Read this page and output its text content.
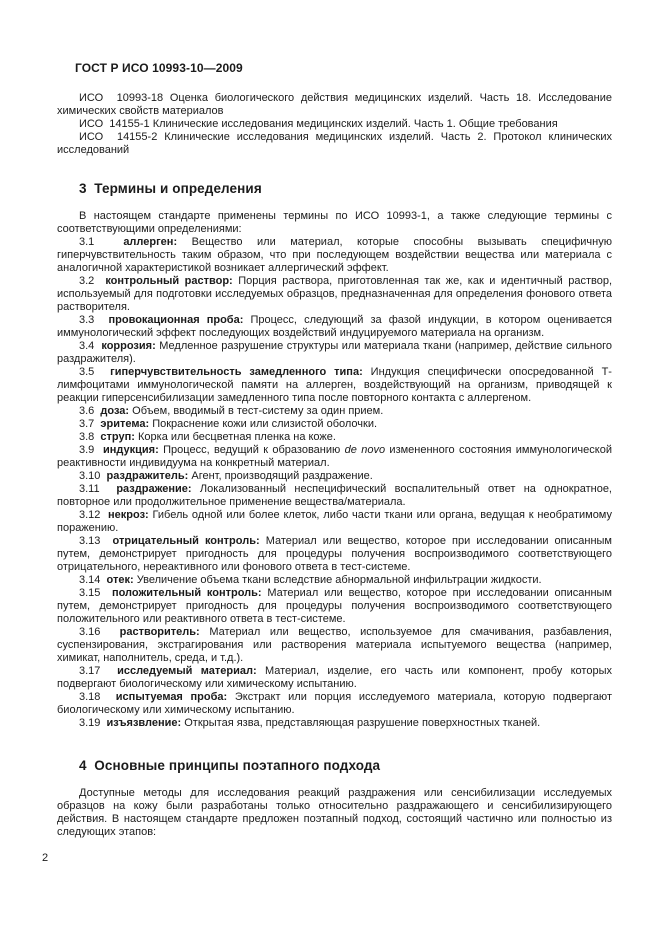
ГОСТ Р ИСО 10993-10—2009

ИСО  10993-18 Оценка биологического действия медицинских изделий. Часть 18. Исследование химических свойств материалов

ИСО  14155-1 Клинические исследования медицинских изделий. Часть 1. Общие требования

ИСО  14155-2 Клинические исследования медицинских изделий. Часть 2. Протокол клинических исследований

3  Термины и определения

В настоящем стандарте применены термины по ИСО 10993-1, а также следующие термины с соответствующими определениями:

3.1	аллерген: Вещество или материал, которые способны вызывать специфичную гиперчувствительность таким образом, что при последующем воздействии вещества или материала с аналогичной характеристикой возникает аллергический эффект.

3.2 контрольный раствор: Порция раствора, приготовленная так же, как и идентичный раствор, используемый для подготовки исследуемых образцов, предназначенная для определения фонового ответа растворителя.

3.3 провокационная проба: Процесс, следующий за фазой индукции, в котором оценивается иммунологический эффект последующих воздействий индуцируемого материала на организм.

3.4 коррозия: Медленное разрушение структуры или материала ткани (например, действие сильного раздражителя).

3.5 гиперчувствительность замедленного типа: Индукция специфически опосредованной Т-лимфоцитами иммунологической памяти на аллерген, воздействующий на организм, приводящей к реакции гиперсенсибилизации замедленного типа после повторного контакта с аллергеном.

3.6 доза: Объем, вводимый в тест-систему за один прием.

3.7 эритема: Покраснение кожи или слизистой оболочки.

3.8 струп: Корка или бесцветная пленка на коже.

3.9 индукция: Процесс, ведущий к образованию de novo измененного состояния иммунологической реактивности индивидуума на конкретный материал.

3.10 раздражитель: Агент, производящий раздражение.

3.11 раздражение: Локализованный неспецифический воспалительный ответ на однократное, повторное или продолжительное применение вещества/материала.

3.12 некроз: Гибель одной или более клеток, либо части ткани или органа, ведущая к необратимому поражению.

3.13 отрицательный контроль: Материал или вещество, которое при исследовании описанным путем, демонстрирует пригодность для процедуры получения воспроизводимого соответствующего отрицательного, нереактивного или фонового ответа в тест-системе.

3.14 отек: Увеличение объема ткани вследствие абнормальной инфильтрации жидкости.

3.15 положительный контроль: Материал или вещество, которое при исследовании описанным путем, демонстрирует пригодность для процедуры получения воспроизводимого соответствующего положительного или реактивного ответа в тест-системе.

3.16 растворитель: Материал или вещество, используемое для смачивания, разбавления, суспензирования, экстрагирования или растворения материала испытуемого вещества (например, химикат, наполнитель, среда, и т.д.).

3.17 исследуемый материал: Материал, изделие, его часть или компонент, пробу которых подвергают биологическому или химическому испытанию.

3.18 испытуемая проба: Экстракт или порция исследуемого материала, которую подвергают биологическому или химическому испытанию.

3.19 изъязвление: Открытая язва, представляющая разрушение поверхностных тканей.

4  Основные принципы поэтапного подхода

Доступные методы для исследования реакций раздражения или сенсибилизации исследуемых образцов на кожу были разработаны только относительно раздражающего и сенсибилизирующего действия. В настоящем стандарте предложен поэтапный подход, состоящий частично или полностью из следующих этапов:

2
